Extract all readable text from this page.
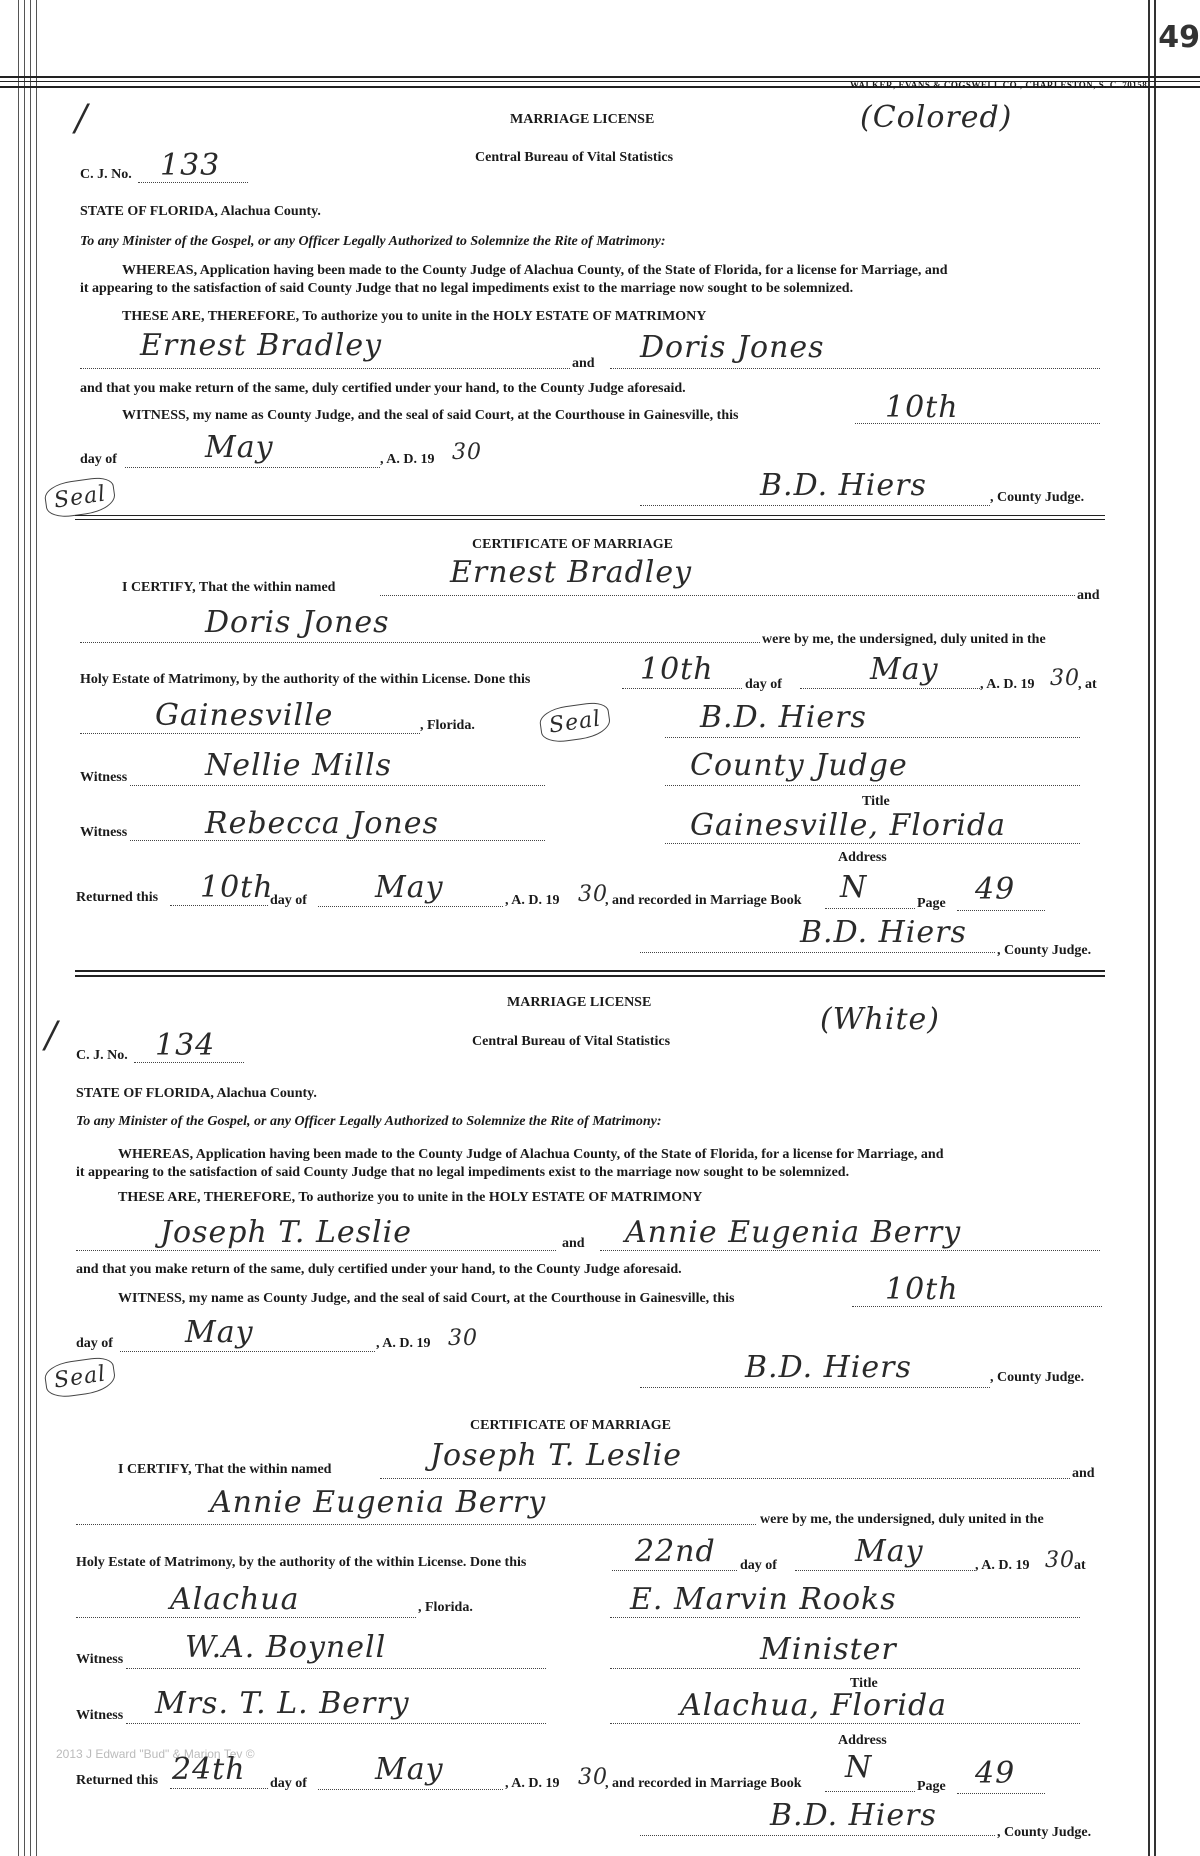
49
WALKER, EVANS & COGSWELL CO., CHARLESTON, S. C. 70158
/	MARRIAGE LICENSE	(Colored)
Central Bureau of Vital Statistics
C. J. No. 133
STATE OF FLORIDA, Alachua County.
To any Minister of the Gospel, or any Officer Legally Authorized to Solemnize the Rite of Matrimony:
WHEREAS, Application having been made to the County Judge of Alachua County, of the State of Florida, for a license for Marriage, and
it appearing to the satisfaction of said County Judge that no legal impediments exist to the marriage now sought to be solemnized.
THESE ARE, THEREFORE, To authorize you to unite in the HOLY ESTATE OF MATRIMONY
Ernest Bradley
and Doris Jones
and that you make return of the same, duly certified under your hand, to the County Judge aforesaid.
WITNESS, my name as County Judge, and the seal of said Court, at the Courthouse in Gainesville, this	10th
day of	May	, A. D. 19 30
Seal	B.D. Hiers	, County Judge.
CERTIFICATE OF MARRIAGE
I CERTIFY, That the within named	Ernest Bradley
and
Doris Jones	were by me, the undersigned, duly united in the
Holy Estate of Matrimony, by the authority of the within License. Done this	10th day of	May	, A. D. 19 30
, at
Gainesville	, Florida.	Seal	B.D. Hiers
Witness	Nellie Mills	County Judge
Title
Witness	Rebecca Jones	Gainesville, Florida
Address
Returned this 10th
day of May	, A. D. 19 30
, and recorded in Marriage Book N	Page 49
B.D. Hiers
, County Judge.
/
MARRIAGE LICENSE	(White)
Central Bureau of Vital Statistics
C. J. No. 134
STATE OF FLORIDA, Alachua County.
To any Minister of the Gospel, or any Officer Legally Authorized to Solemnize the Rite of Matrimony:
WHEREAS, Application having been made to the County Judge of Alachua County, of the State of Florida, for a license for Marriage, and
it appearing to the satisfaction of said County Judge that no legal impediments exist to the marriage now sought to be solemnized.
THESE ARE, THEREFORE, To authorize you to unite in the HOLY ESTATE OF MATRIMONY
Joseph T. Leslie	and Annie Eugenia Berry
and that you make return of the same, duly certified under your hand, to the County Judge aforesaid.
WITNESS, my name as County Judge, and the seal of said Court, at the Courthouse in Gainesville, this	10th
day of May	, A. D. 19 30
Seal	B.D. Hiers	, County Judge.
CERTIFICATE OF MARRIAGE
I CERTIFY, That the within named	Joseph T. Leslie
and
Annie Eugenia Berry	were by me, the undersigned, duly united in the
Holy Estate of Matrimony, by the authority of the within License. Done this	22nd day of	May	, A. D. 19 30 at
Alachua	, Florida.	E. Marvin Rooks
Witness W.A. Boynell	Minister
Title
Witness Mrs. T. L. Berry	Alachua, Florida
Address
2013 J Edward "Bud" & Marion Tev ©
Returned this 24th day of May	, A. D. 19 30
, and recorded in Marriage Book N
Page 49
B.D. Hiers	, County Judge.
